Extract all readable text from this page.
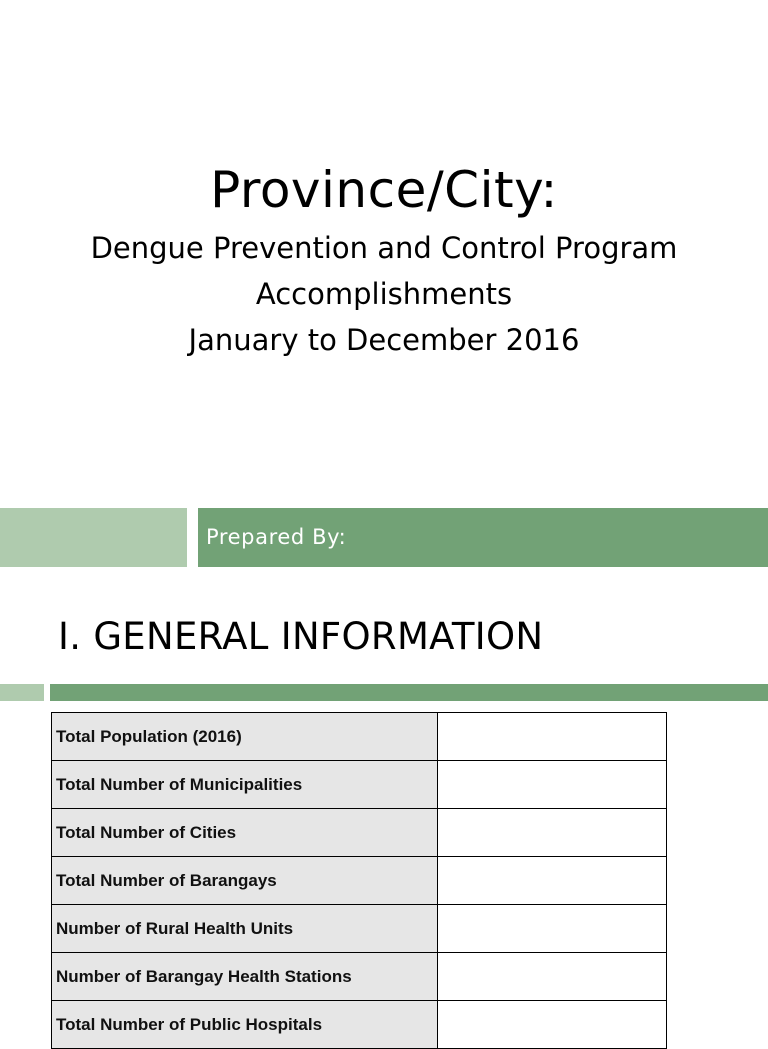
Province/City:
Dengue Prevention and Control Program
Accomplishments
January to December 2016
Prepared By:
I. GENERAL INFORMATION
Total Population (2016)	
Total Number of Municipalities	
Total Number of Cities	
Total Number of Barangays	
Number of Rural Health Units	
Number of Barangay Health Stations	
Total Number of Public Hospitals	
